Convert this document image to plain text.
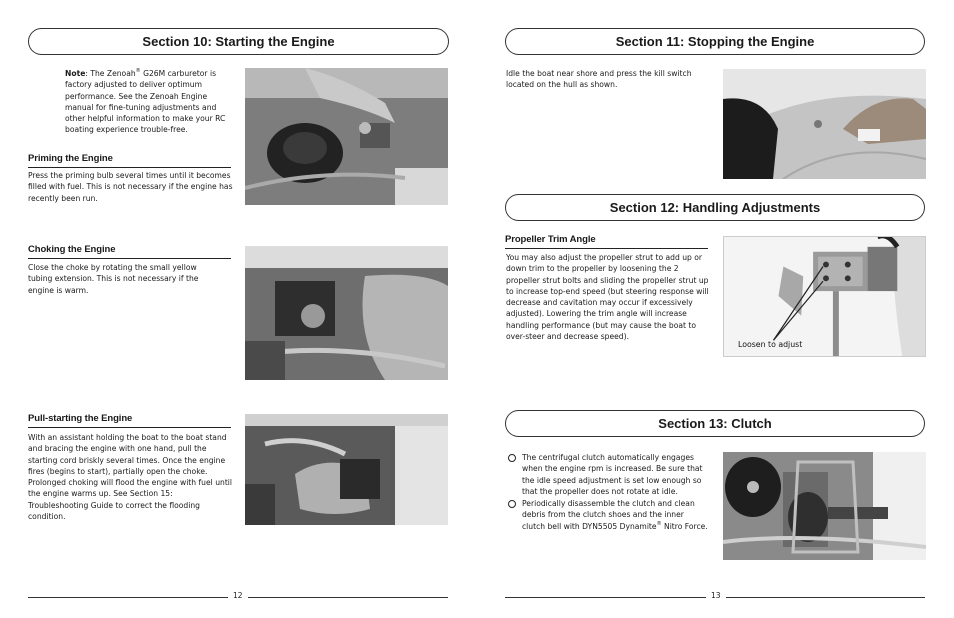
Section 10: Starting the Engine

Note: The Zenoah® G26M carburetor is factory adjusted to deliver optimum performance. See the Zenoah Engine manual for fine-tuning adjustments and other helpful information to make your RC boating experience trouble-free.

Priming the Engine

Press the priming bulb several times until it becomes filled with fuel. This is not necessary if the engine has recently been run.

Choking the Engine

Close the choke by rotating the small yellow tubing extension. This is not necessary if the engine is warm.

Pull-starting the Engine

With an assistant holding the boat to the boat stand and bracing the engine with one hand, pull the starting cord briskly several times. Once the engine fires (begins to start), partially open the choke. Prolonged choking will flood the engine with fuel until the engine warms up. See Section 15: Troubleshooting Guide to correct the flooding condition.

12
Section 11: Stopping the Engine

Idle the boat near shore and press the kill switch located on the hull as shown.

Section 12: Handling Adjustments
Propeller Trim Angle

You may also adjust the propeller strut to add up or down trim to the propeller by loosening the 2 propeller strut bolts and sliding the propeller strut up to increase top-end speed (but steering response will decrease and cavitation may occur if excessively adjusted). Lowering the trim angle will increase handling performance (but may cause the boat to over-steer and decrease speed).

Loosen to adjust
Section 13: Clutch
The centrifugal clutch automatically engages when the engine rpm is increased. Be sure that the idle speed adjustment is set low enough so that the propeller does not rotate at idle.
Periodically disassemble the clutch and clean debris from the clutch shoes and the inner clutch bell with DYN5505 Dynamite® Nitro Force.
13
